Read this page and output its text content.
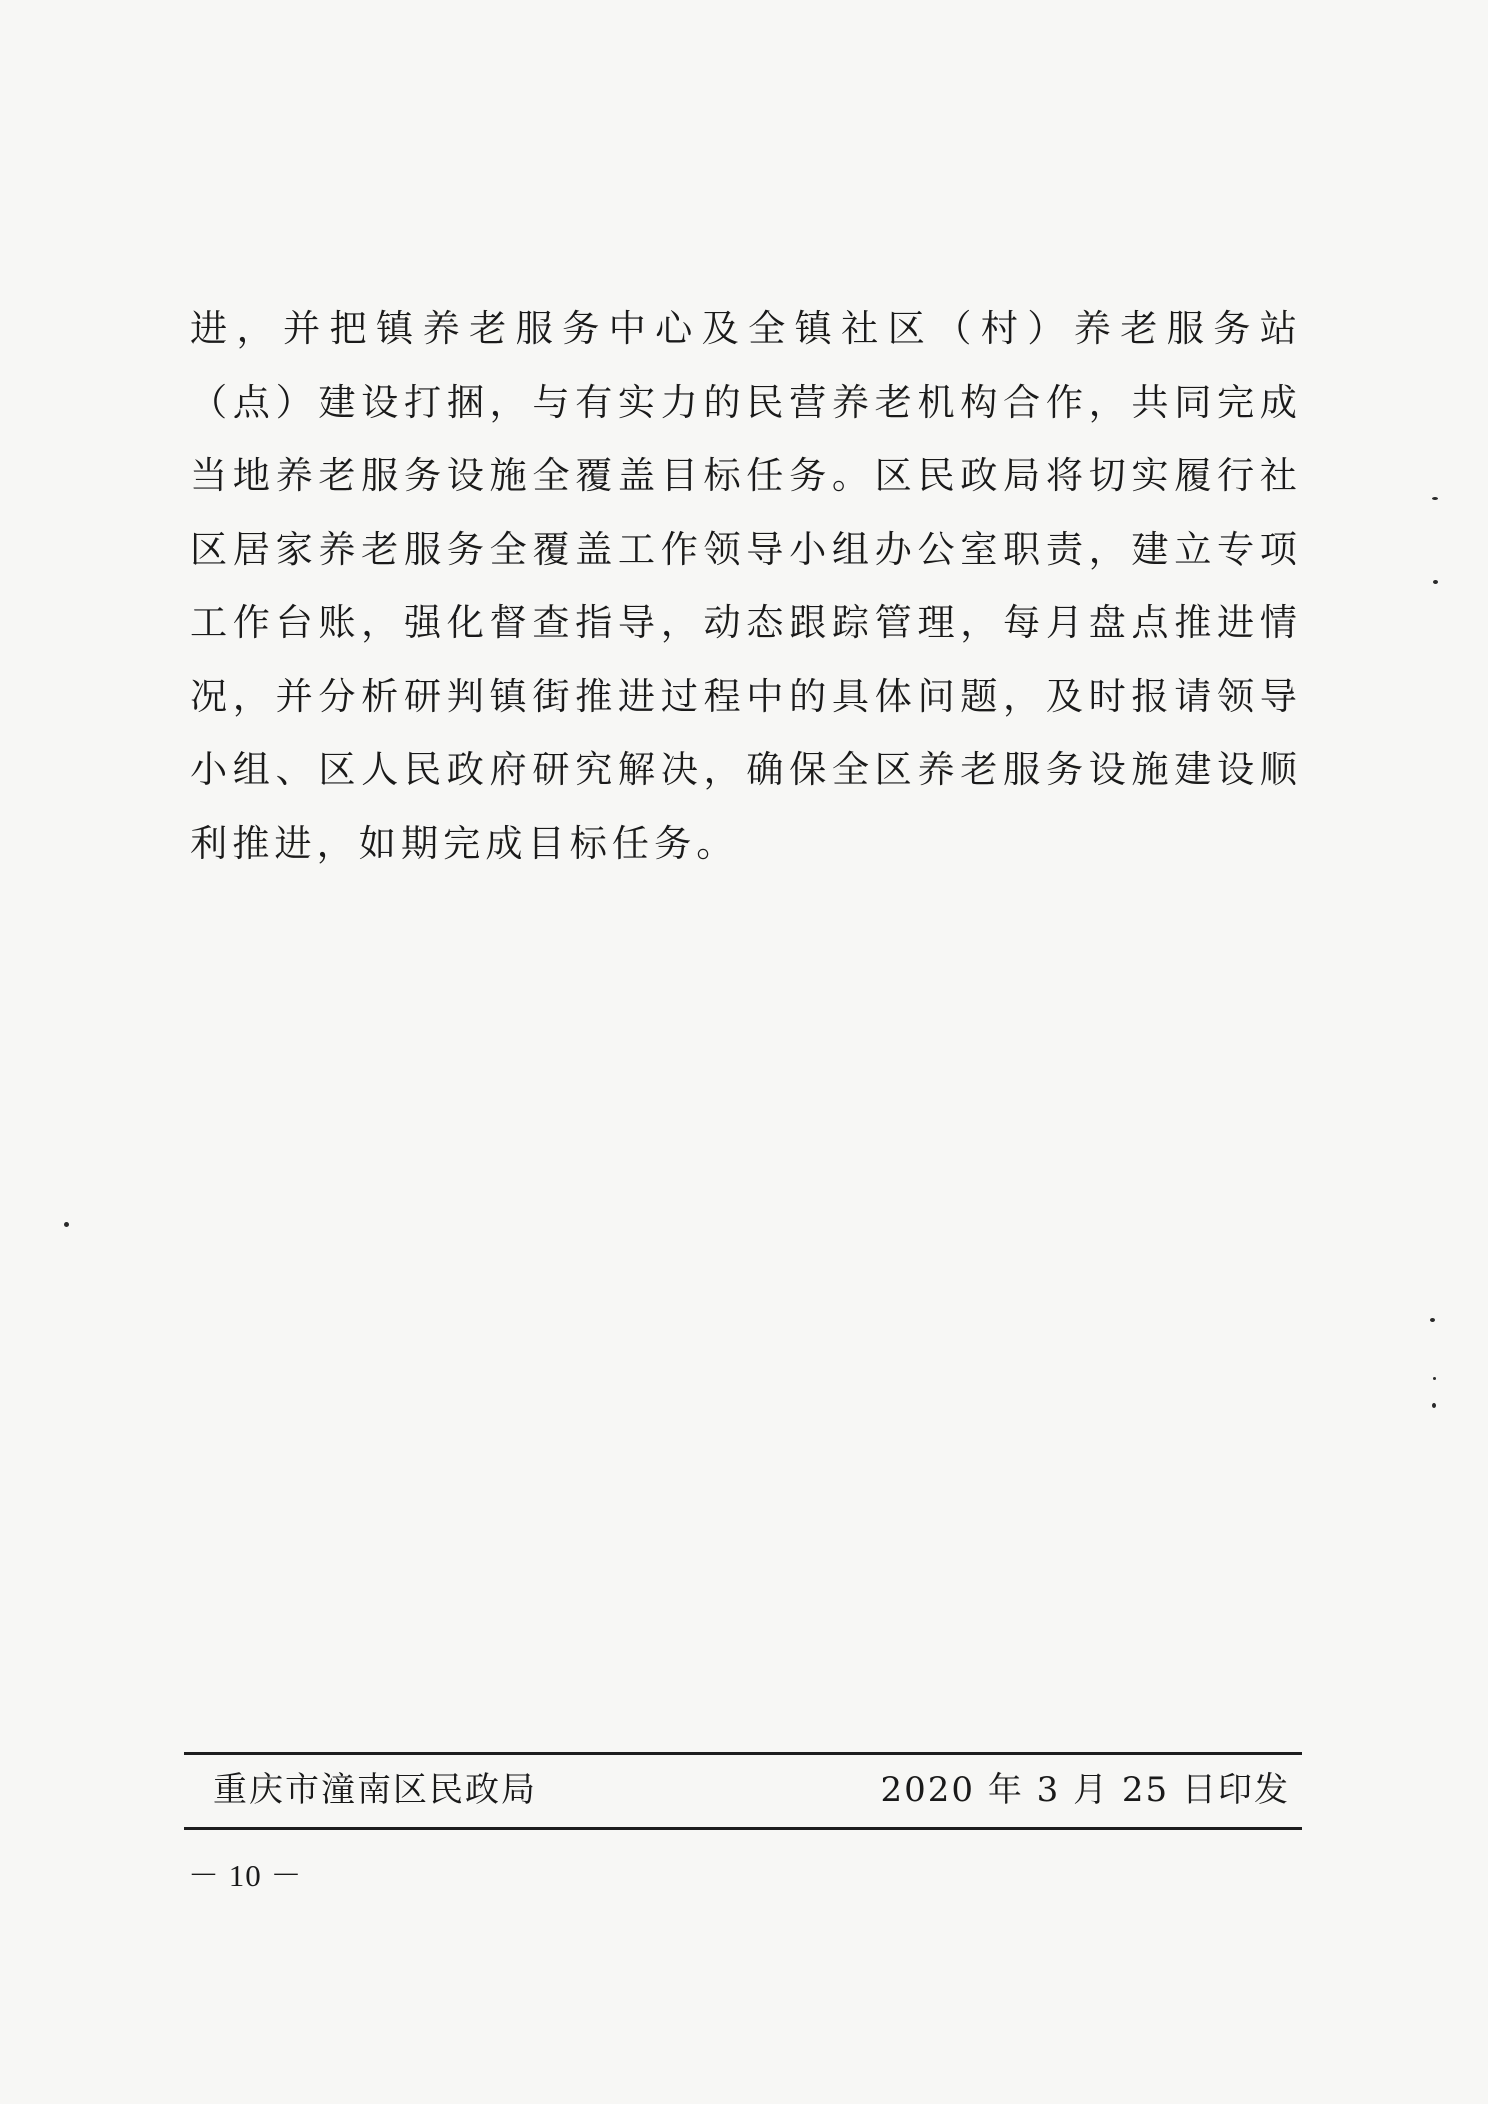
进，并把镇养老服务中心及全镇社区（村）养老服务站（点）建设打捆，与有实力的民营养老机构合作，共同完成当地养老服务设施全覆盖目标任务。区民政局将切实履行社区居家养老服务全覆盖工作领导小组办公室职责，建立专项工作台账，强化督查指导，动态跟踪管理，每月盘点推进情况，并分析研判镇街推进过程中的具体问题，及时报请领导小组、区人民政府研究解决，确保全区养老服务设施建设顺利推进，如期完成目标任务。

重庆市潼南区民政局	2020 年 3 月 25 日印发
－ 10 －
